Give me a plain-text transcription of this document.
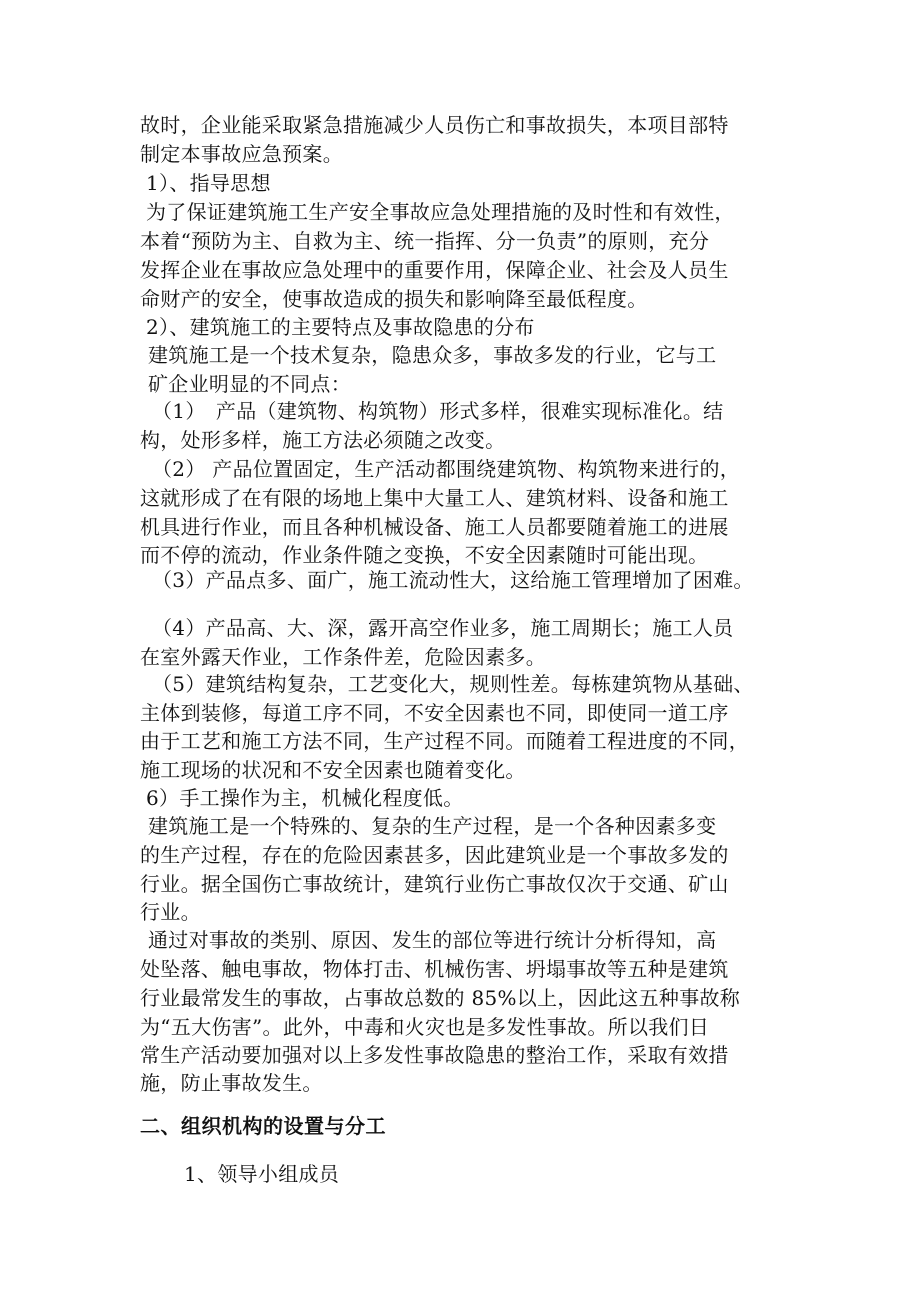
故时，企业能采取紧急措施减少人员伤亡和事故损失，本项目部特
制定本事故应急预案。
1）、指导思想
为了保证建筑施工生产安全事故应急处理措施的及时性和有效性，
本着“预防为主、自救为主、统一指挥、分一负责”的原则，充分
发挥企业在事故应急处理中的重要作用，保障企业、社会及人员生
命财产的安全，使事故造成的损失和影响降至最低程度。
2）、建筑施工的主要特点及事故隐患的分布
建筑施工是一个技术复杂，隐患众多，事故多发的行业，它与工
矿企业明显的不同点：
（1）　产品（建筑物、构筑物）形式多样，很难实现标准化。结
构，处形多样，施工方法必须随之改变。
（2） 产品位置固定，生产活动都围绕建筑物、构筑物来进行的，
这就形成了在有限的场地上集中大量工人、建筑材料、设备和施工
机具进行作业，而且各种机械设备、施工人员都要随着施工的进展
而不停的流动，作业条件随之变换，不安全因素随时可能出现。
（3）产品点多、面广，施工流动性大，这给施工管理增加了困难。
（4）产品高、大、深，露开高空作业多，施工周期长；施工人员
在室外露天作业，工作条件差，危险因素多。
（5）建筑结构复杂，工艺变化大，规则性差。每栋建筑物从基础、
主体到装修，每道工序不同，不安全因素也不同，即使同一道工序
由于工艺和施工方法不同，生产过程不同。而随着工程进度的不同，
施工现场的状况和不安全因素也随着变化。
6）手工操作为主，机械化程度低。
建筑施工是一个特殊的、复杂的生产过程，是一个各种因素多变
的生产过程，存在的危险因素甚多，因此建筑业是一个事故多发的
行业。据全国伤亡事故统计，建筑行业伤亡事故仅次于交通、矿山
行业。
通过对事故的类别、原因、发生的部位等进行统计分析得知，高
处坠落、触电事故，物体打击、机械伤害、坍塌事故等五种是建筑
行业最常发生的事故，占事故总数的 85%以上，因此这五种事故称
为“五大伤害”。此外，中毒和火灾也是多发性事故。所以我们日
常生产活动要加强对以上多发性事故隐患的整治工作，采取有效措
施，防止事故发生。
二、组织机构的设置与分工
1、领导小组成员
